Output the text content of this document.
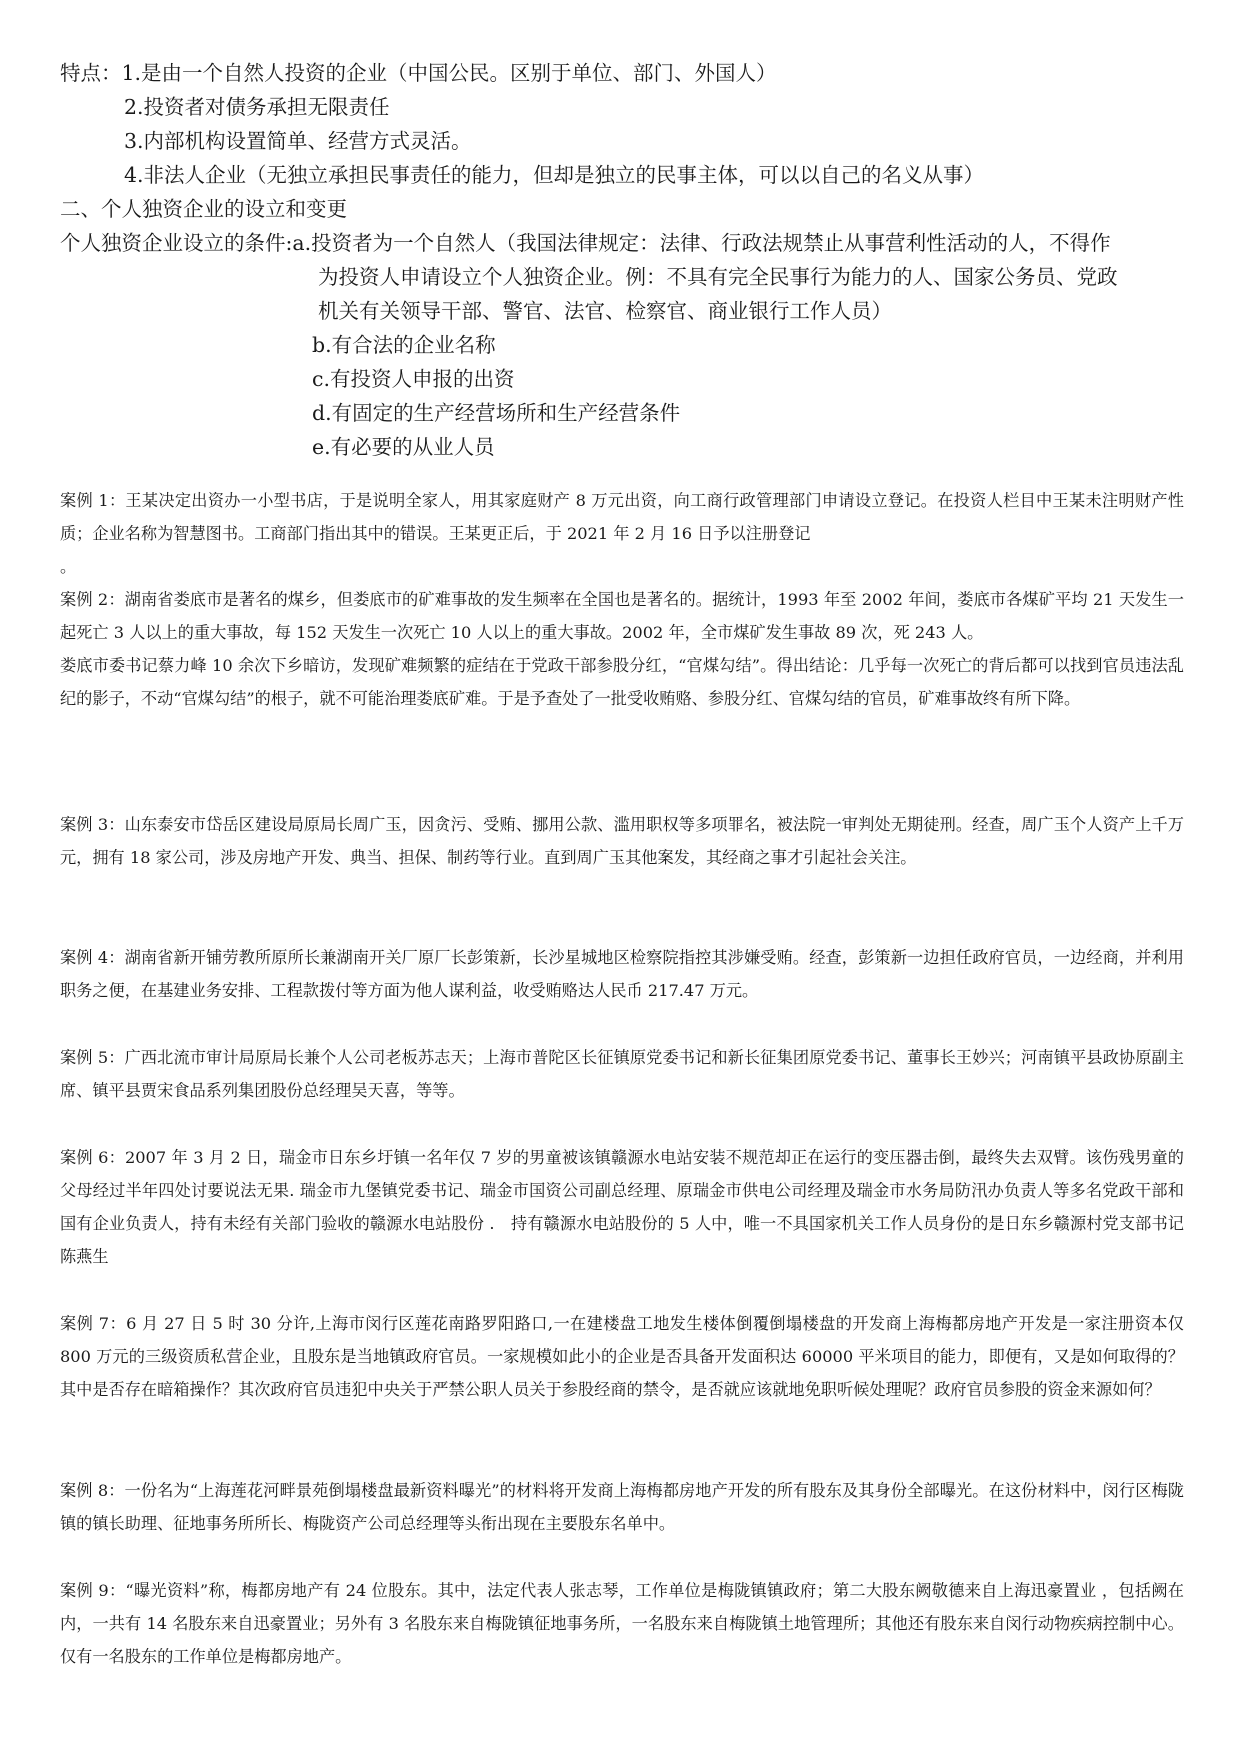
特点：1.是由一个自然人投资的企业（中国公民。区别于单位、部门、外国人）

2.投资者对债务承担无限责任

3.内部机构设置简单、经营方式灵活。

4.非法人企业（无独立承担民事责任的能力，但却是独立的民事主体，可以以自己的名义从事）

二、个人独资企业的设立和变更

个人独资企业设立的条件:a.投资者为一个自然人（我国法律规定：法律、行政法规禁止从事营利性活动的人，不得作

为投资人申请设立个人独资企业。例：不具有完全民事行为能力的人、国家公务员、党政

机关有关领导干部、警官、法官、检察官、商业银行工作人员）

b.有合法的企业名称

c.有投资人申报的出资

d.有固定的生产经营场所和生产经营条件

e.有必要的从业人员

案例 1：王某决定出资办一小型书店，于是说明全家人，用其家庭财产 8 万元出资，向工商行政管理部门申请设立登记。在投资人栏目中王某未注明财产性质；企业名称为智慧图书。工商部门指出其中的错误。王某更正后，于 2021 年 2 月 16 日予以注册登记

。

案例 2：湖南省娄底市是著名的煤乡，但娄底市的矿难事故的发生频率在全国也是著名的。据统计，1993 年至 2002 年间，娄底市各煤矿平均 21 天发生一起死亡 3 人以上的重大事故，每 152 天发生一次死亡 10 人以上的重大事故。2002 年，全市煤矿发生事故 89 次，死 243 人。

娄底市委书记蔡力峰 10 余次下乡暗访，发现矿难频繁的症结在于党政干部参股分红，“官煤勾结”。得出结论：几乎每一次死亡的背后都可以找到官员违法乱纪的影子，不动“官煤勾结”的根子，就不可能治理娄底矿难。于是予查处了一批受收贿赂、参股分红、官煤勾结的官员，矿难事故终有所下降。

案例 3：山东泰安市岱岳区建设局原局长周广玉，因贪污、受贿、挪用公款、滥用职权等多项罪名，被法院一审判处无期徒刑。经查，周广玉个人资产上千万元，拥有 18 家公司，涉及房地产开发、典当、担保、制药等行业。直到周广玉其他案发，其经商之事才引起社会关注。

案例 4：湖南省新开铺劳教所原所长兼湖南开关厂原厂长彭策新，长沙星城地区检察院指控其涉嫌受贿。经查，彭策新一边担任政府官员，一边经商，并利用职务之便，在基建业务安排、工程款拨付等方面为他人谋利益，收受贿赂达人民币 217.47 万元。

案例 5：广西北流市审计局原局长兼个人公司老板苏志天；上海市普陀区长征镇原党委书记和新长征集团原党委书记、董事长王妙兴；河南镇平县政协原副主席、镇平县贾宋食品系列集团股份总经理吴天喜，等等。

案例 6：2007 年 3 月 2 日，瑞金市日东乡圩镇一名年仅 7 岁的男童被该镇赣源水电站安装不规范却正在运行的变压器击倒，最终失去双臂。该伤残男童的父母经过半年四处讨要说法无果. 瑞金市九堡镇党委书记、瑞金市国资公司副总经理、原瑞金市供电公司经理及瑞金市水务局防汛办负责人等多名党政干部和国有企业负责人，持有未经有关部门验收的赣源水电站股份 .　持有赣源水电站股份的 5 人中，唯一不具国家机关工作人员身份的是日东乡赣源村党支部书记陈燕生

案例 7：6 月 27 日 5 时 30 分许,上海市闵行区莲花南路罗阳路口,一在建楼盘工地发生楼体倒覆倒塌楼盘的开发商上海梅都房地产开发是一家注册资本仅 800 万元的三级资质私营企业，且股东是当地镇政府官员。一家规模如此小的企业是否具备开发面积达 60000 平米项目的能力，即便有，又是如何取得的？其中是否存在暗箱操作？其次政府官员违犯中央关于严禁公职人员关于参股经商的禁令，是否就应该就地免职听候处理呢？政府官员参股的资金来源如何？

案例 8：一份名为“上海莲花河畔景苑倒塌楼盘最新资料曝光”的材料将开发商上海梅都房地产开发的所有股东及其身份全部曝光。在这份材料中，闵行区梅陇镇的镇长助理、征地事务所所长、梅陇资产公司总经理等头衔出现在主要股东名单中。

案例 9：“曝光资料”称，梅都房地产有 24 位股东。其中，法定代表人张志琴，工作单位是梅陇镇镇政府；第二大股东阙敬德来自上海迅豪置业 ，包括阙在内，一共有 14 名股东来自迅豪置业；另外有 3 名股东来自梅陇镇征地事务所，一名股东来自梅陇镇土地管理所；其他还有股东来自闵行动物疾病控制中心。仅有一名股东的工作单位是梅都房地产。
